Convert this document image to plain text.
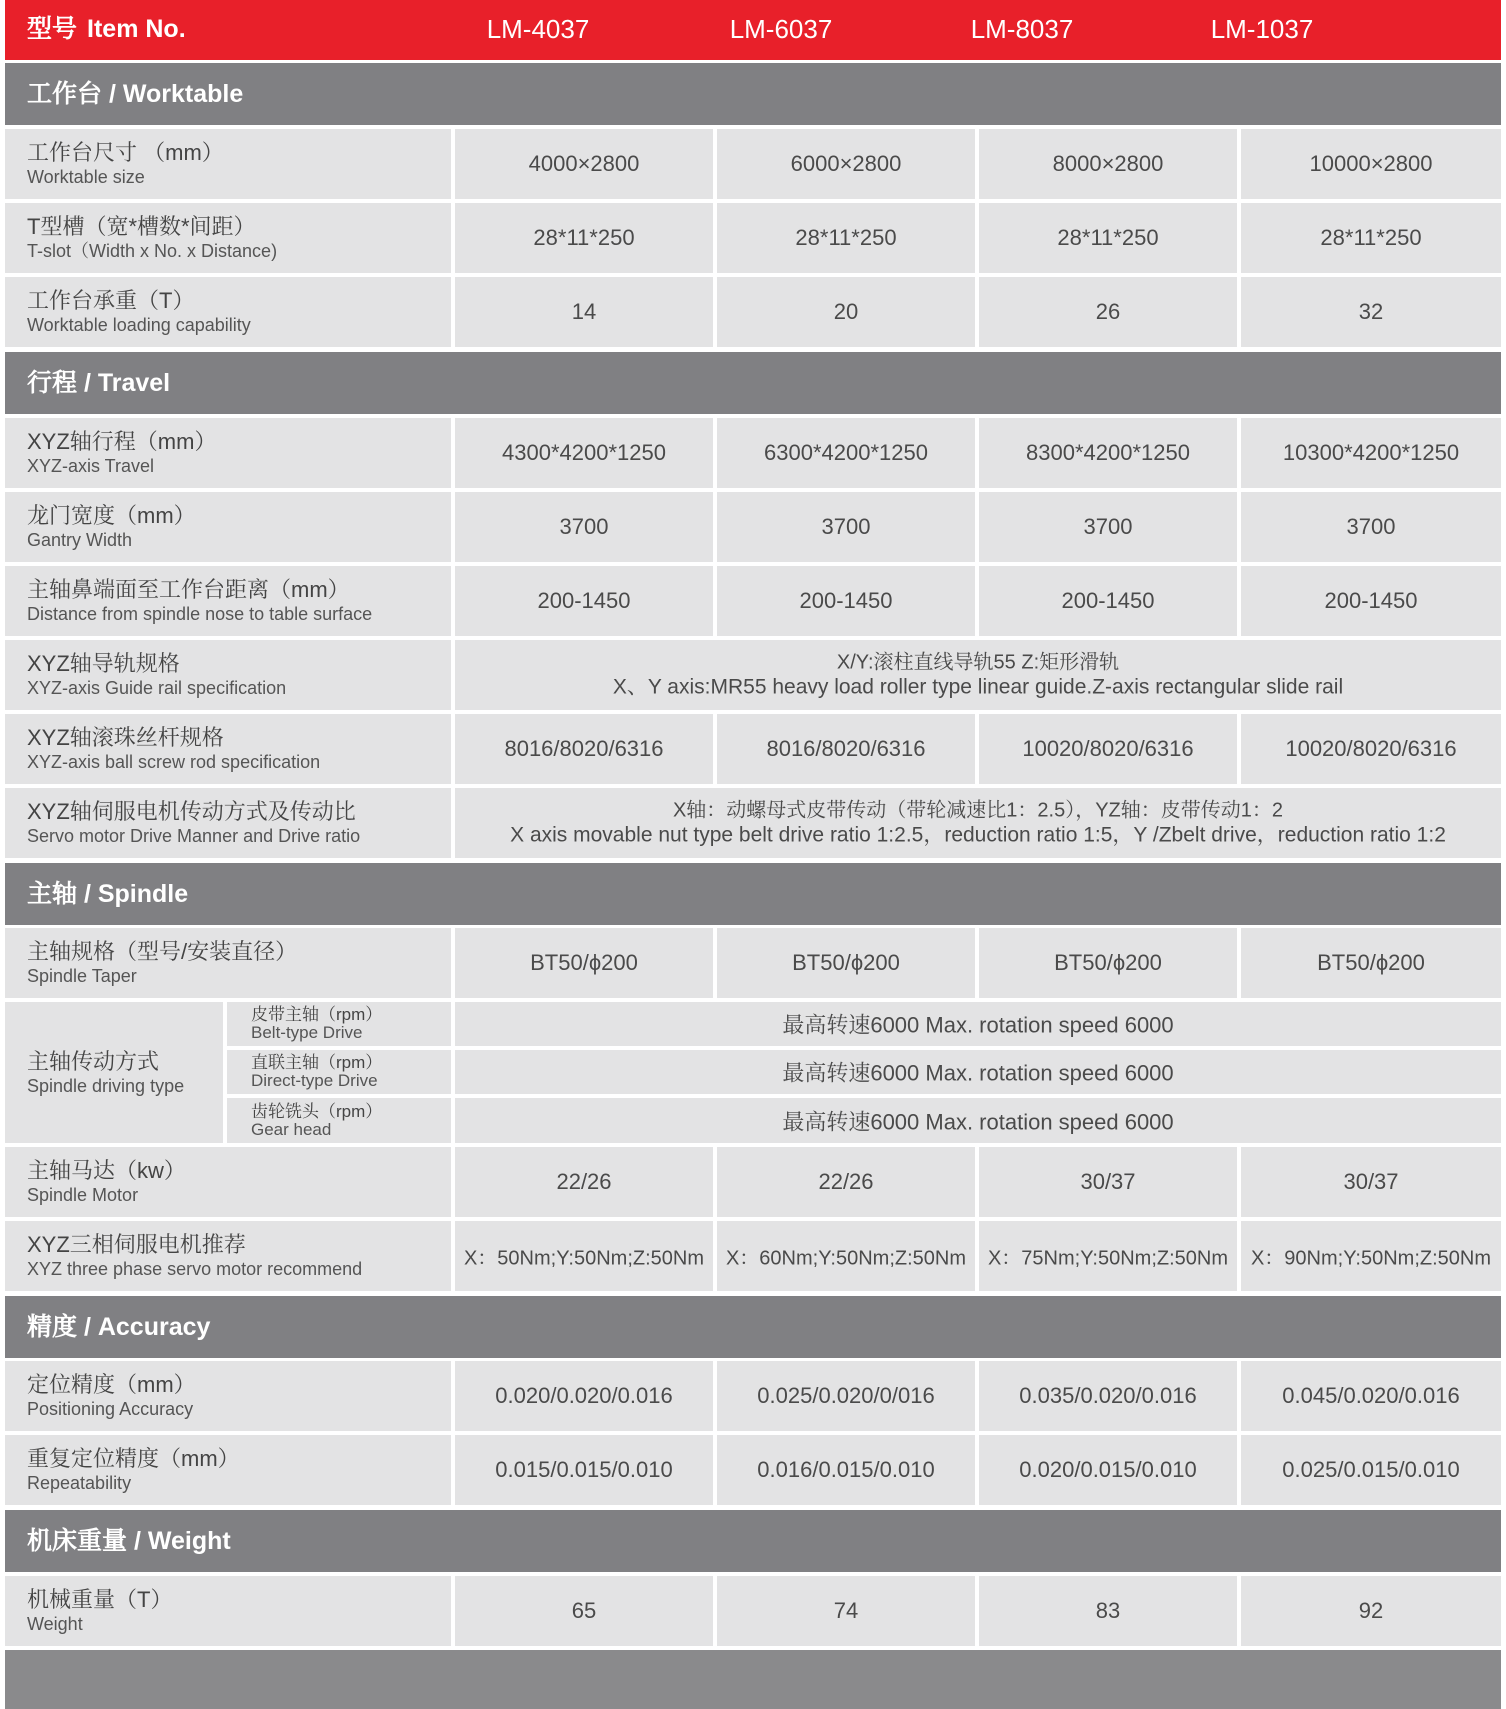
型号 Item No.	LM-4037	LM-6037	LM-8037	LM-1037
工作台 / Worktable
工作台尺寸 （mm）
Worktable size
4000×2800	6000×2800	8000×2800	10000×2800
T型槽（宽*槽数*间距）
T-slot（Width x No. x Distance)
28*11*250	28*11*250	28*11*250	28*11*250
工作台承重（T）
Worktable loading capability
14	20	26	32
行程 / Travel
XYZ轴行程（mm）
XYZ-axis Travel
4300*4200*1250	6300*4200*1250	8300*4200*1250	10300*4200*1250
龙门宽度（mm）
Gantry Width
3700	3700	3700	3700
主轴鼻端面至工作台距离（mm）
Distance from spindle nose to table surface
200-1450	200-1450	200-1450	200-1450
XYZ轴导轨规格
XYZ-axis Guide rail specification
X/Y:滚柱直线导轨55 Z:矩形滑轨
X、Y axis:MR55 heavy load roller type linear guide.Z-axis rectangular slide rail
XYZ轴滚珠丝杆规格
XYZ-axis ball screw rod specification
8016/8020/6316	8016/8020/6316	10020/8020/6316	10020/8020/6316
XYZ轴伺服电机传动方式及传动比
Servo motor Drive Manner and Drive ratio
X轴：动螺母式皮带传动（带轮减速比1：2.5），YZ轴：皮带传动1：2
X axis movable nut type belt drive ratio 1:2.5，reduction ratio 1:5，Y /Zbelt drive，reduction ratio 1:2
主轴 / Spindle
主轴规格（型号/安装直径）
Spindle Taper
BT50/ϕ200	BT50/ϕ200	BT50/ϕ200	BT50/ϕ200
主轴传动方式
Spindle driving type
皮带主轴（rpm）
Belt-type Drive	最高转速6000 Max. rotation speed 6000
直联主轴（rpm）
Direct-type Drive	最高转速6000 Max. rotation speed 6000
齿轮铣头（rpm）
Gear head	最高转速6000 Max. rotation speed 6000
主轴马达（kw）
Spindle Motor
22/26	22/26	30/37	30/37
XYZ三相伺服电机推荐
XYZ three phase servo motor recommend	X：50Nm;Y:50Nm;Z:50Nm	X：60Nm;Y:50Nm;Z:50Nm	X：75Nm;Y:50Nm;Z:50Nm	X：90Nm;Y:50Nm;Z:50Nm
精度 / Accuracy
定位精度（mm）
Positioning Accuracy
0.020/0.020/0.016	0.025/0.020/0/016	0.035/0.020/0.016	0.045/0.020/0.016
重复定位精度（mm）
Repeatability
0.015/0.015/0.010	0.016/0.015/0.010	0.020/0.015/0.010	0.025/0.015/0.010
机床重量 / Weight
机械重量（T）
Weight
65	74	83	92
